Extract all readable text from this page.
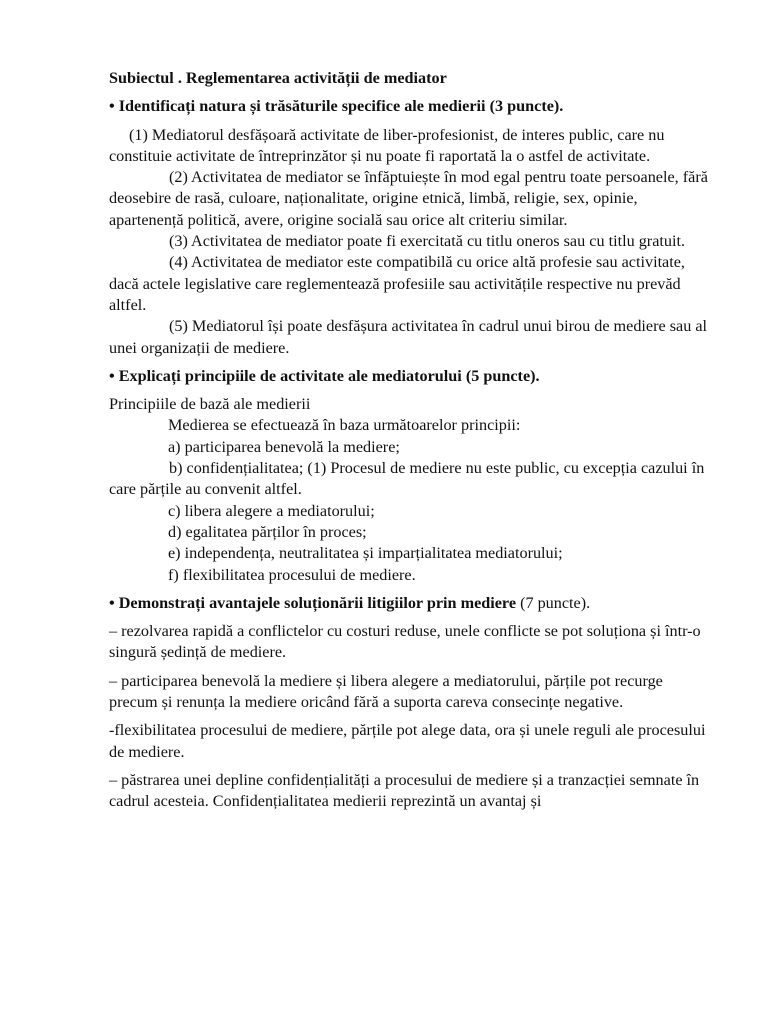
Subiectul . Reglementarea activității de mediator

• Identificați natura și trăsăturile specifice ale medierii (3 puncte).

(1) Mediatorul desfășoară activitate de liber-profesionist, de interes public, care nu constituie activitate de întreprinzător și nu poate fi raportată la o astfel de activitate.

(2) Activitatea de mediator se înfăptuiește în mod egal pentru toate persoanele, fără deosebire de rasă, culoare, naționalitate, origine etnică, limbă, religie, sex, opinie, apartenență politică, avere, origine socială sau orice alt criteriu similar.

(3) Activitatea de mediator poate fi exercitată cu titlu oneros sau cu titlu gratuit.

(4) Activitatea de mediator este compatibilă cu orice altă profesie sau activitate, dacă actele legislative care reglementează profesiile sau activitățile respective nu prevăd altfel.

(5) Mediatorul își poate desfășura activitatea în cadrul unui birou de mediere sau al unei organizații de mediere.

• Explicați principiile de activitate ale mediatorului (5 puncte).

Principiile de bază ale medierii

Medierea se efectuează în baza următoarelor principii:

a) participarea benevolă la mediere;

b) confidențialitatea; (1) Procesul de mediere nu este public, cu excepția cazului în care părțile au convenit altfel.

c) libera alegere a mediatorului;

d) egalitatea părților în proces;

e) independența, neutralitatea și imparțialitatea mediatorului;

f) flexibilitatea procesului de mediere.

• Demonstrați avantajele soluționării litigiilor prin mediere (7 puncte).

– rezolvarea rapidă a conflictelor cu costuri reduse, unele conflicte se pot soluționa și într-o singură ședință de mediere.

– participarea benevolă la mediere și libera alegere a mediatorului, părțile pot recurge precum și renunța la mediere oricând fără a suporta careva consecințe negative.

-flexibilitatea procesului de mediere, părțile pot alege data, ora și unele reguli ale procesului de mediere.

– păstrarea unei depline confidențialități a procesului de mediere și a tranzacției semnate în cadrul acesteia. Confidențialitatea medierii reprezintă un avantaj și
